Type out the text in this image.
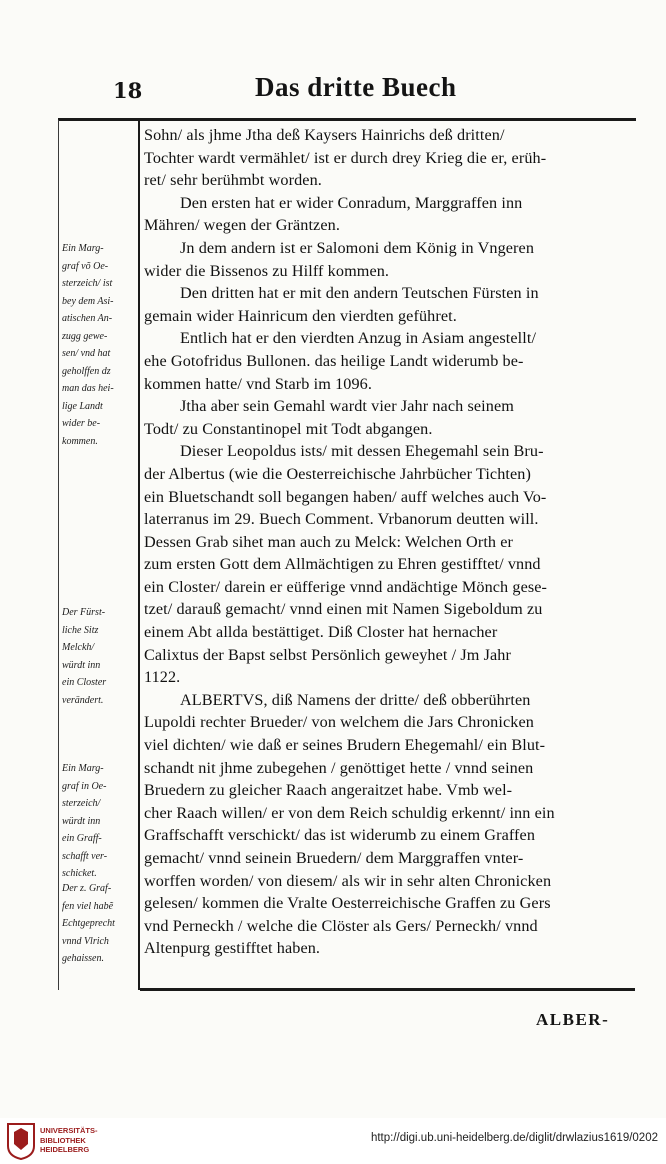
18	Das dritte Buech
Ein Marg-
graf võ Oe-
sterzeich/ ist
bey dem Asi-
atischen An-
zugg gewe-
sen/ vnd hat
geholffen dz
man das hei-
lige Landt
wider be-
kommen.
Der Fürst-
liche Sitz
Melckh/
würdt inn
ein Closter
verändert.
Ein Marg-
graf in Oe-
sterzeich/
würdt inn
ein Graff-
schafft ver-
schicket.
Der z. Graf-
fen viel habẽ
Echtgeprecht
vnnd Vlrich
gehaissen.
Sohn/ als jhme Jtha deß Kaysers Hainrichs deß dritten/
Tochter wardt vermählet/ ist er durch drey Krieg die er, erüh-
ret/ sehr berühmbt worden.
Den ersten hat er wider Conradum, Marggraffen inn
Mähren/ wegen der Gräntzen.
Jn dem andern ist er Salomoni dem König in Vngeren
wider die Bissenos zu Hilff kommen.
Den dritten hat er mit den andern Teutschen Fürsten in
gemain wider Hainricum den vierdten geführet.
Entlich hat er den vierdten Anzug in Asiam angestellt/
ehe Gotofridus Bullonen. das heilige Landt widerumb be-
kommen hatte/ vnd Starb im 1096.
Jtha aber sein Gemahl wardt vier Jahr nach seinem
Todt/ zu Constantinopel mit Todt abgangen.
Dieser Leopoldus ists/ mit dessen Ehegemahl sein Bru-
der Albertus (wie die Oesterreichische Jahrbücher Tichten)
ein Bluetschandt soll begangen haben/ auff welches auch Vo-
laterranus im 29. Buech Comment. Vrbanorum deutten will.
Dessen Grab sihet man auch zu Melck: Welchen Orth er
zum ersten Gott dem Allmächtigen zu Ehren gestifftet/ vnnd
ein Closter/ darein er eüfferige vnnd andächtige Mönch gese-
tzet/ darauß gemacht/ vnnd einen mit Namen Sigeboldum zu
einem Abt allda bestättiget. Diß Closter hat hernacher
Calixtus der Bapst selbst Persönlich geweyhet / Jm Jahr
1122.
ALBERTVS, diß Namens der dritte/ deß obberührten
Lupoldi rechter Brueder/ von welchem die Jars Chronicken
viel dichten/ wie daß er seines Brudern Ehegemahl/ ein Blut-
schandt nit jhme zubegehen / genöttiget hette / vnnd seinen
Bruedern zu gleicher Raach angeraitzet habe. Vmb wel-
cher Raach willen/ er von dem Reich schuldig erkennt/ inn ein
Graffschafft verschickt/ das ist widerumb zu einem Graffen
gemacht/ vnnd seinein Bruedern/ dem Marggraffen vnter-
worffen worden/ von diesem/ als wir in sehr alten Chronicken
gelesen/ kommen die Vralte Oesterreichische Graffen zu Gers
vnd Perneckh / welche die Clöster als Gers/ Perneckh/ vnnd
Altenpurg gestifftet haben.
ALBER-
UNIVERSITÄTS-
BIBLIOTHEK
HEIDELBERG
http://digi.ub.uni-heidelberg.de/diglit/drwlazius1619/0202
